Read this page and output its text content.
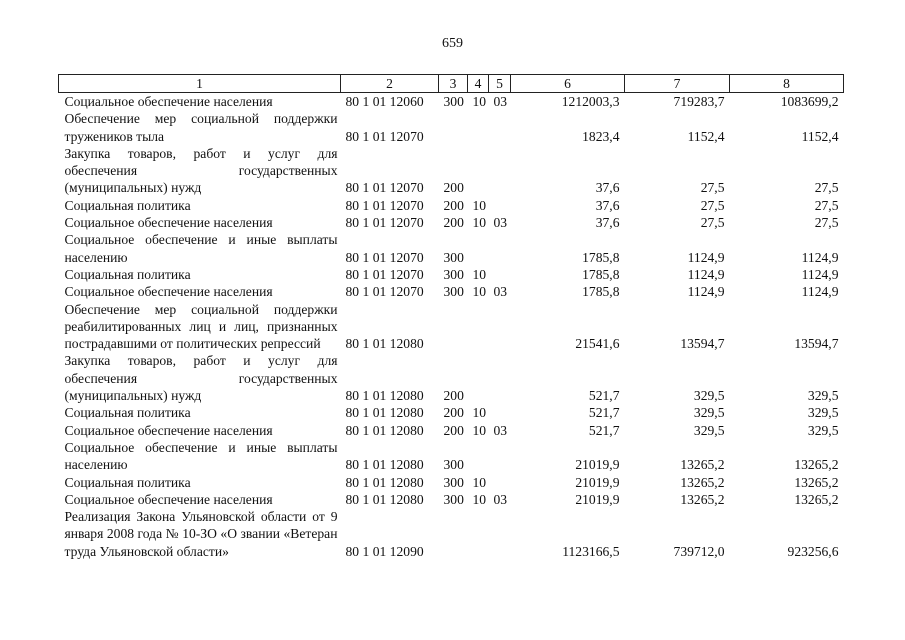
659
1	2	3	4	5	6	7	8
Социальное обеспечение населения	80 1 01 12060	300	10	03	1212003,3	719283,7	1083699,2
Обеспечение мер социальной поддержки тружеников тыла	80 1 01 12070				1823,4	1152,4	1152,4
Закупка товаров, работ и услуг для обеспечения государственных (муниципальных) нужд	80 1 01 12070	200			37,6	27,5	27,5
Социальная политика	80 1 01 12070	200	10		37,6	27,5	27,5
Социальное обеспечение населения	80 1 01 12070	200	10	03	37,6	27,5	27,5
Социальное обеспечение и иные выплаты населению	80 1 01 12070	300			1785,8	1124,9	1124,9
Социальная политика	80 1 01 12070	300	10		1785,8	1124,9	1124,9
Социальное обеспечение населения	80 1 01 12070	300	10	03	1785,8	1124,9	1124,9
Обеспечение мер социальной поддержки реабилитированных лиц и лиц, признанных пострадавшими от политических репрессий	80 1 01 12080				21541,6	13594,7	13594,7
Закупка товаров, работ и услуг для обеспечения государственных (муниципальных) нужд	80 1 01 12080	200			521,7	329,5	329,5
Социальная политика	80 1 01 12080	200	10		521,7	329,5	329,5
Социальное обеспечение населения	80 1 01 12080	200	10	03	521,7	329,5	329,5
Социальное обеспечение и иные выплаты населению	80 1 01 12080	300			21019,9	13265,2	13265,2
Социальная политика	80 1 01 12080	300	10		21019,9	13265,2	13265,2
Социальное обеспечение населения	80 1 01 12080	300	10	03	21019,9	13265,2	13265,2
Реализация Закона Ульяновской области от 9 января 2008 года № 10-ЗО «О звании «Ветеран труда Ульяновской области»	80 1 01 12090				1123166,5	739712,0	923256,6
